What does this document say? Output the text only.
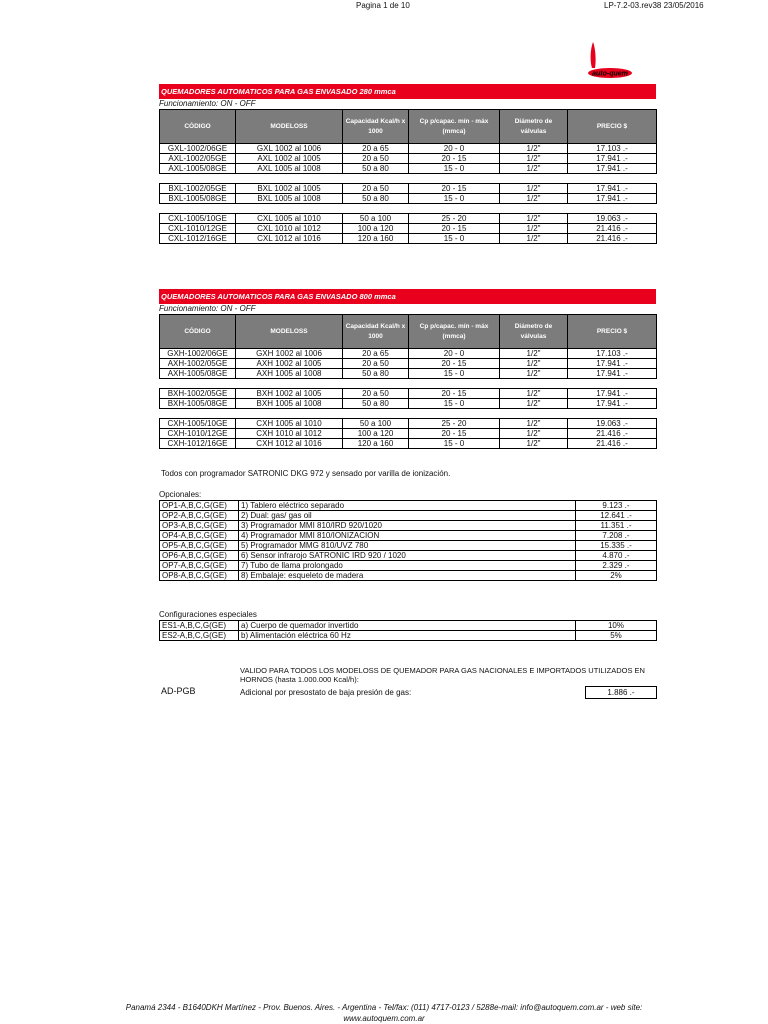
Pagina 1 de 10	LP-7.2-03.rev38 23/05/2016
auto-quem
QUEMADORES AUTOMATICOS PARA GAS ENVASADO 280 mmca
Funcionamiento: ON - OFF
CÓDIGO	MODELOSS	Capacidad Kcal/h x 1000	Cp p/capac. mín - máx (mmca)	Diámetro de válvulas	PRECIO $
GXL-1002/06GE	GXL 1002 al 1006	20 a 65	20 - 0	1/2"	17.103 .-
AXL-1002/05GE	AXL 1002 al 1005	20 a 50	20 - 15	1/2"	17.941 .-
AXL-1005/08GE	AXL 1005 al 1008	50 a 80	15 - 0	1/2"	17.941 .-

BXL-1002/05GE	BXL 1002 al 1005	20 a 50	20 - 15	1/2"	17.941 .-
BXL-1005/08GE	BXL 1005 al 1008	50 a 80	15 - 0	1/2"	17.941 .-

CXL-1005/10GE	CXL 1005 al 1010	50 a 100	25 - 20	1/2"	19.063 .-
CXL-1010/12GE	CXL 1010 al 1012	100 a 120	20 - 15	1/2"	21.416 .-
CXL-1012/16GE	CXL 1012 al 1016	120 a 160	15 - 0	1/2"	21.416 .-
QUEMADORES AUTOMATICOS PARA GAS ENVASADO 800 mmca
Funcionamiento: ON - OFF
CÓDIGO	MODELOSS	Capacidad Kcal/h x 1000	Cp p/capac. mín - máx (mmca)	Diámetro de válvulas	PRECIO $
GXH-1002/06GE	GXH 1002 al 1006	20 a 65	20 - 0	1/2"	17.103 .-
AXH-1002/05GE	AXH 1002 al 1005	20 a 50	20 - 15	1/2"	17.941 .-
AXH-1005/08GE	AXH 1005 al 1008	50 a 80	15 - 0	1/2"	17.941 .-

BXH-1002/05GE	BXH 1002 al 1005	20 a 50	20 - 15	1/2"	17.941 .-
BXH-1005/08GE	BXH 1005 al 1008	50 a 80	15 - 0	1/2"	17.941 .-

CXH-1005/10GE	CXH 1005 al 1010	50 a 100	25 - 20	1/2"	19.063 .-
CXH-1010/12GE	CXH 1010 al 1012	100 a 120	20 - 15	1/2"	21.416 .-
CXH-1012/16GE	CXH 1012 al 1016	120 a 160	15 - 0	1/2"	21.416 .-
Todos con programador SATRONIC DKG 972 y sensado por varilla de ionización.
Opcionales:
OP1-A,B,C,G(GE)	1) Tablero eléctrico separado	9.123 .-
OP2-A,B,C,G(GE)	2) Dual: gas/ gas oil	12.641 .-
OP3-A,B,C,G(GE)	3) Programador MMI 810/IRD 920/1020	11.351 .-
OP4-A,B,C,G(GE)	4) Programador MMI 810/IONIZACION	7.208 .-
OP5-A,B,C,G(GE)	5) Programador MMG 810/UVZ 780	15.335 .-
OP6-A,B,C,G(GE)	6) Sensor infrarojo SATRONIC IRD 920 / 1020	4.870 .-
OP7-A,B,C,G(GE)	7) Tubo de llama prolongado	2.329 .-
OP8-A,B,C,G(GE)	8) Embalaje: esqueleto de madera	2%
Configuraciones especiales
ES1-A,B,C,G(GE)	a) Cuerpo de quemador invertido	10%
ES2-A,B,C,G(GE)	b) Alimentación eléctrica 60 Hz	5%
VALIDO PARA TODOS LOS MODELOSS DE QUEMADOR PARA GAS NACIONALES E IMPORTADOS UTILIZADOS EN HORNOS (hasta 1.000.000 Kcal/h):
AD-PGB	Adicional por presostato de baja presión de gas:	1.886 .-
Panamá 2344 - B1640DKH Martínez - Prov. Buenos. Aires. - Argentina - Tel/fax: (011) 4717-0123 / 5288e-mail: info@autoquem.com.ar - web site:
www.autoquem.com.ar
